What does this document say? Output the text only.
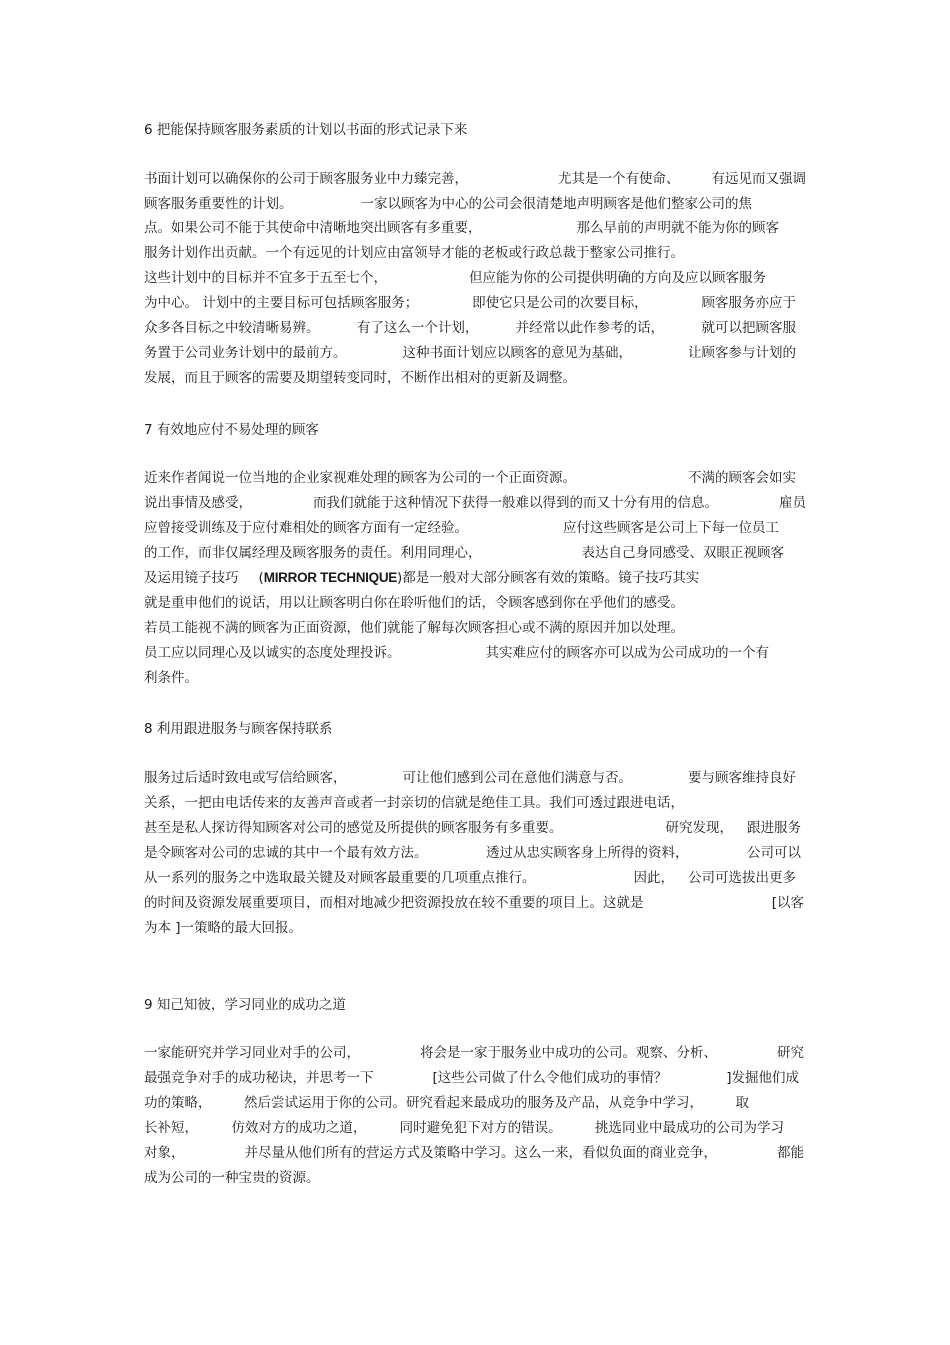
6 把能保持顾客服务素质的计划以书面的形式记录下来
书面计划可以确保你的公司于顾客服务业中力臻完善，	尤其是一个有使命、 有远见而又强调
顾客服务重要性的计划。	一家以顾客为中心的公司会很清楚地声明顾客是他们整家公司的焦
点。如果公司不能于其使命中清晰地突出顾客有多重要，	那么早前的声明就不能为你的顾客
服务计划作出贡献。一个有远见的计划应由富领导才能的老板或行政总裁于整家公司推行。
这些计划中的目标并不宜多于五至七个，	但应能为你的公司提供明确的方向及应以顾客服务
为中心。 计划中的主要目标可包括顾客服务；	即使它只是公司的次要目标，	顾客服务亦应于
众多各目标之中较清晰易辨。	有了这么一个计划，	并经常以此作参考的话，	就可以把顾客服
务置于公司业务计划中的最前方。	这种书面计划应以顾客的意见为基础，	让顾客参与计划的
发展，而且于顾客的需要及期望转变同时，不断作出相对的更新及调整。
7 有效地应付不易处理的顾客
近来作者闻说一位当地的企业家视难处理的顾客为公司的一个正面资源。	不满的顾客会如实
说出事情及感受，	而我们就能于这种情况下获得一般难以得到的而又十分有用的信息。	雇员
应曾接受训练及于应付难相处的顾客方面有一定经验。	应付这些顾客是公司上下每一位员工
的工作，而非仅属经理及顾客服务的责任。利用同理心，	表达自己身同感受、双眼正视顾客
及运用镜子技巧 ( MIRROR TECHNIQUE )都是一般对大部分顾客有效的策略。镜子技巧其实
就是重申他们的说话，用以让顾客明白你在聆听他们的话，令顾客感到你在乎他们的感受。
若员工能视不满的顾客为正面资源，他们就能了解每次顾客担心或不满的原因并加以处理。
员工应以同理心及以诚实的态度处理投诉。	其实难应付的顾客亦可以成为公司成功的一个有
利条件。
8 利用跟进服务与顾客保持联系
服务过后适时致电或写信给顾客，	可让他们感到公司在意他们满意与否。	要与顾客维持良好
关系，一把由电话传来的友善声音或者一封亲切的信就是绝佳工具。我们可透过跟进电话，
甚至是私人探访得知顾客对公司的感觉及所提供的顾客服务有多重要。	研究发现， 跟进服务
是令顾客对公司的忠诚的其中一个最有效方法。	透过从忠实顾客身上所得的资料，	公司可以
从一系列的服务之中选取最关键及对顾客最重要的几项重点推行。	因此， 公司可选拔出更多
的时间及资源发展重要项目，而相对地减少把资源投放在较不重要的项目上。这就是	[以客
为本 ]一策略的最大回报。
9 知己知彼，学习同业的成功之道
一家能研究并学习同业对手的公司，	将会是一家于服务业中成功的公司。观察、分析、	研究
最强竞争对手的成功秘诀，并思考一下	[这些公司做了什么令他们成功的事情？	]发掘他们成
功的策略， 然后尝试运用于你的公司。研究看起来最成功的服务及产品，从竞争中学习， 取
长补短， 仿效对方的成功之道， 同时避免犯下对方的错误。 挑选同业中最成功的公司为学习
对象，	并尽量从他们所有的营运方式及策略中学习。这么一来，看似负面的商业竞争，	都能
成为公司的一种宝贵的资源。
